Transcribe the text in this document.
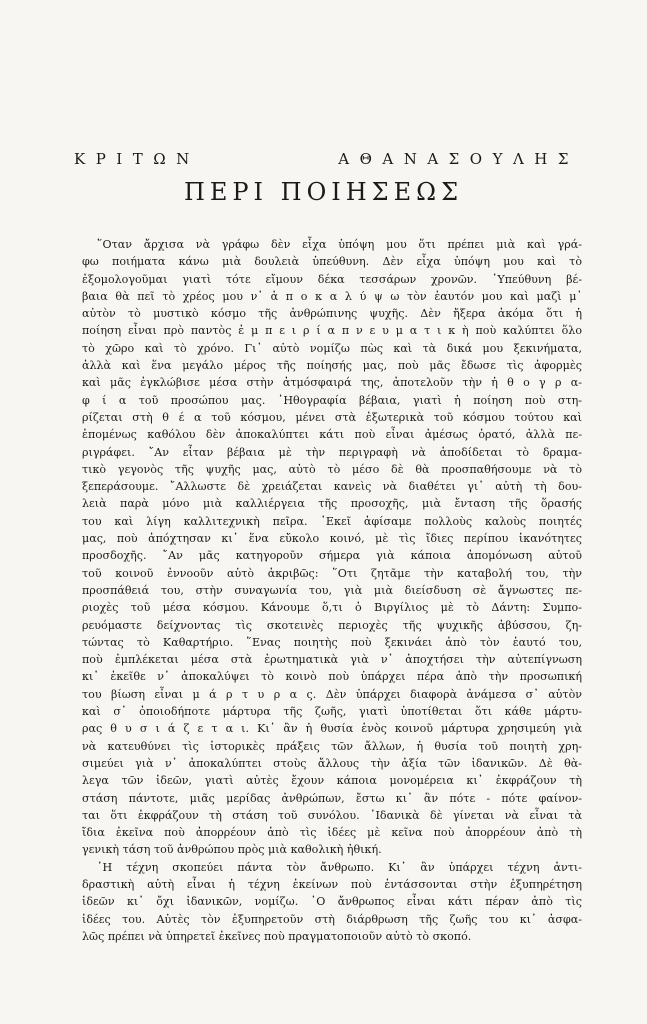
ΚΡΙΤΩΝ	ΑΘΑΝΑΣΟΥΛΗΣ
ΠΕΡΙ ΠΟΙΗΣΕΩΣ
῞Οταν ἄρχισα νὰ γράφω δὲν εἶχα ὑπόψη μου ὅτι πρέπει μιὰ καὶ γρά-
φω ποιήματα κάνω μιὰ δουλειὰ ὑπεύθυνη. Δὲν εἶχα ὑπόψη μου καὶ τὸ
ἐξομολογοῦμαι γιατὶ τότε εἴμουν δέκα τεσσάρων χρονῶν. ῾Υπεύθυνη βέ-
βαια θὰ πεῖ τὸ χρέος μου ν᾿ ἀ π ο κ α λ ύ ψ ω τὸν ἑαυτόν μου καὶ μαζὶ μ᾿
αὐτὸν τὸ μυστικὸ κόσμο τῆς ἀνθρώπινης ψυχῆς. Δὲν ἤξερα ἀκόμα ὅτι ἡ
ποίηση εἶναι πρὸ παντὸς ἐ μ π ε ι ρ ί α π ν ε υ μ α τ ι κ ὴ ποὺ καλύπτει ὅλο
τὸ χῶρο καὶ τὸ χρόνο. Γι᾿ αὐτὸ νομίζω πὼς καὶ τὰ δικά μου ξεκινήματα,
ἀλλὰ καὶ ἕνα μεγάλο μέρος τῆς ποίησής μας, ποὺ μᾶς ἔδωσε τὶς ἀφορμὲς
καὶ μᾶς ἐγκλώβισε μέσα στὴν ἀτμόσφαιρά της, ἀποτελοῦν τὴν ἠ θ ο γ ρ α-
φ ί α τοῦ προσώπου μας. ᾿Ηθογραφία βέβαια, γιατὶ ἡ ποίηση ποὺ στη-
ρίζεται στὴ θ έ α τοῦ κόσμου, μένει στὰ ἐξωτερικὰ τοῦ κόσμου τούτου καὶ
ἑπομένως καθόλου δὲν ἀποκαλύπτει κάτι ποὺ εἶναι ἀμέσως ὁρατό, ἀλλὰ πε-
ριγράφει. ῎Αν εἶταν βέβαια μὲ τὴν περιγραφὴ νὰ ἀποδίδεται τὸ δραμα-
τικὸ γεγονὸς τῆς ψυχῆς μας, αὐτὸ τὸ μέσο δὲ θὰ προσπαθήσουμε νὰ τὸ
ξεπεράσουμε. ῎Αλλωστε δὲ χρειάζεται κανεὶς νὰ διαθέτει γι᾿ αὐτὴ τὴ δου-
λειὰ παρὰ μόνο μιὰ καλλιέργεια τῆς προσοχῆς, μιὰ ἔνταση τῆς ὅρασής
του καὶ λίγη καλλιτεχνικὴ πεῖρα. ᾿Εκεῖ ἀφίσαμε πολλοὺς καλοὺς ποιητές
μας, ποὺ ἀπόχτησαν κι᾿ ἕνα εὔκολο κοινό, μὲ τὶς ἴδιες περίπου ἱκανότητες
προσδοχῆς. ῎Αν μᾶς κατηγοροῦν σήμερα γιὰ κάποια ἀπομόνωση αὐτοῦ
τοῦ κοινοῦ ἐννοοῦν αὐτὸ ἀκριβῶς: ῞Οτι ζητᾶμε τὴν καταβολή του, τὴν
προσπάθειά του, στὴν συναγωνία του, γιὰ μιὰ διείσδυση σὲ ἄγνωστες πε-
ριοχὲς τοῦ μέσα κόσμου. Κάνουμε ὅ,τι ὁ Βιργίλιος μὲ τὸ Δάντη: Συμπο-
ρευόμαστε δείχνοντας τὶς σκοτεινὲς περιοχὲς τῆς ψυχικῆς ἀβύσσου, ζη-
τώντας τὸ Καθαρτήριο. ῞Ενας ποιητὴς ποὺ ξεκινάει ἀπὸ τὸν ἑαυτό του,
ποὺ ἐμπλέκεται μέσα στὰ ἐρωτηματικὰ γιὰ ν᾿ ἀποχτήσει τὴν αὐτεπίγνωση
κι᾿ ἐκεῖθε ν᾿ ἀποκαλύψει τὸ κοινὸ ποὺ ὑπάρχει πέρα ἀπὸ τὴν προσωπική
του βίωση εἶναι μ ά ρ τ υ ρ α ς. Δὲν ὑπάρχει διαφορὰ ἀνάμεσα σ᾿ αὐτὸν
καὶ σ᾿ ὁποιοδήποτε μάρτυρα τῆς ζωῆς, γιατὶ ὑποτίθεται ὅτι κάθε μάρτυ-
ρας θ υ σ ι ά ζ ε τ α ι. Κι᾿ ἂν ἡ θυσία ἑνὸς κοινοῦ μάρτυρα χρησιμεύη γιὰ
νὰ κατευθύνει τὶς ἱστορικὲς πράξεις τῶν ἄλλων, ἡ θυσία τοῦ ποιητὴ χρη-
σιμεύει γιὰ ν᾿ ἀποκαλύπτει στοὺς ἄλλους τὴν ἀξία τῶν ἰδανικῶν. Δὲ θὰ-
λεγα τῶν ἰδεῶν, γιατὶ αὐτὲς ἔχουν κάποια μονομέρεια κι᾿ ἐκφράζουν τὴ
στάση πάντοτε, μιᾶς μερίδας ἀνθρώπων, ἔστω κι᾿ ἂν πότε - πότε φαίνον-
ται ὅτι ἐκφράζουν τὴ στάση τοῦ συνόλου. ᾿Ιδανικὰ δὲ γίνεται νὰ εἶναι τὰ
ἴδια ἐκεῖνα ποὺ ἀπορρέουν ἀπὸ τὶς ἰδέες μὲ κεῖνα ποὺ ἀπορρέουν ἀπὸ τὴ
γενικὴ τάση τοῦ ἀνθρώπου πρὸς μιὰ καθολικὴ ἠθική.
῾Η τέχνη σκοπεύει πάντα τὸν ἄνθρωπο. Κι᾿ ἂν ὑπάρχει τέχνη ἀντι-
δραστικὴ αὐτὴ εἶναι ἡ τέχνη ἐκείνων ποὺ ἐντάσσονται στὴν ἐξυπηρέτηση
ἰδεῶν κι᾿ ὄχι ἰδανικῶν, νομίζω. ῾Ο ἄνθρωπος εἶναι κάτι πέραν ἀπὸ τὶς
ἰδέες του. Αὐτὲς τὸν ἐξυπηρετοῦν στὴ διάρθρωση τῆς ζωῆς του κι᾿ ἀσφα-
λῶς πρέπει νὰ ὑπηρετεῖ ἐκεῖνες ποὺ πραγματοποιοῦν αὐτὸ τὸ σκοπό.
